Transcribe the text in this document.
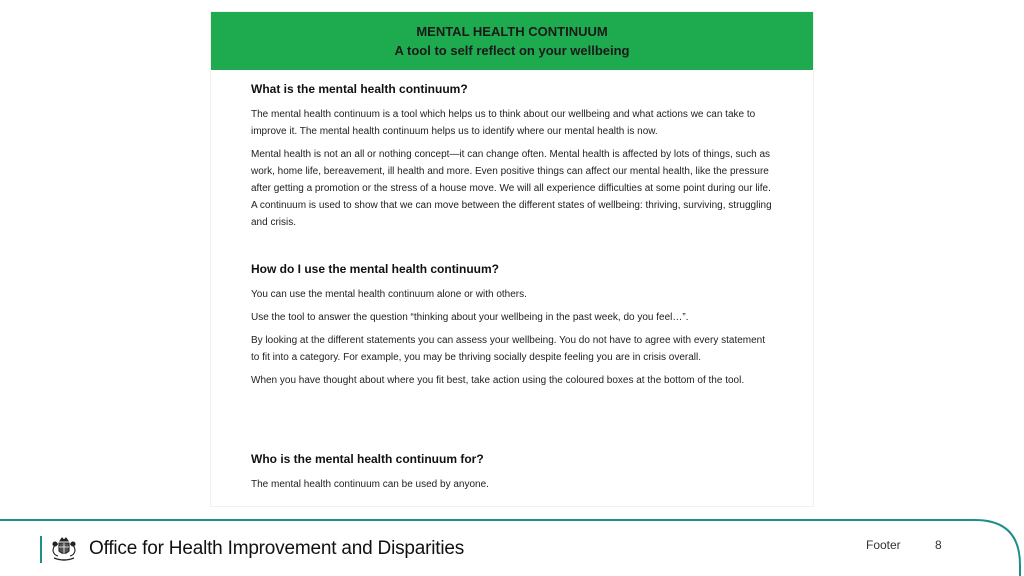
MENTAL HEALTH CONTINUUM
A tool to self reflect on your wellbeing
What is the mental health continuum?

The mental health continuum is a tool which helps us to think about our wellbeing and what actions we can take to improve it. The mental health continuum helps us to identify where our mental health is now.

Mental health is not an all or nothing concept—it can change often. Mental health is affected by lots of things, such as work, home life, bereavement, ill health and more. Even positive things can affect our mental health, like the pressure after getting a promotion or the stress of a house move. We will all experience difficulties at some point during our life. A continuum is used to show that we can move between the different states of wellbeing: thriving, surviving, struggling and crisis.

How do I use the mental health continuum?

You can use the mental health continuum alone or with others.

Use the tool to answer the question “thinking about your wellbeing in the past week, do you feel…”.

By looking at the different statements you can assess your wellbeing. You do not have to agree with every statement to fit into a category. For example, you may be thriving socially despite feeling you are in crisis overall.

When you have thought about where you fit best, take action using the coloured boxes at the bottom of the tool.

Who is the mental health continuum for?

The mental health continuum can be used by anyone.

Office for Health Improvement and Disparities	Footer	8
